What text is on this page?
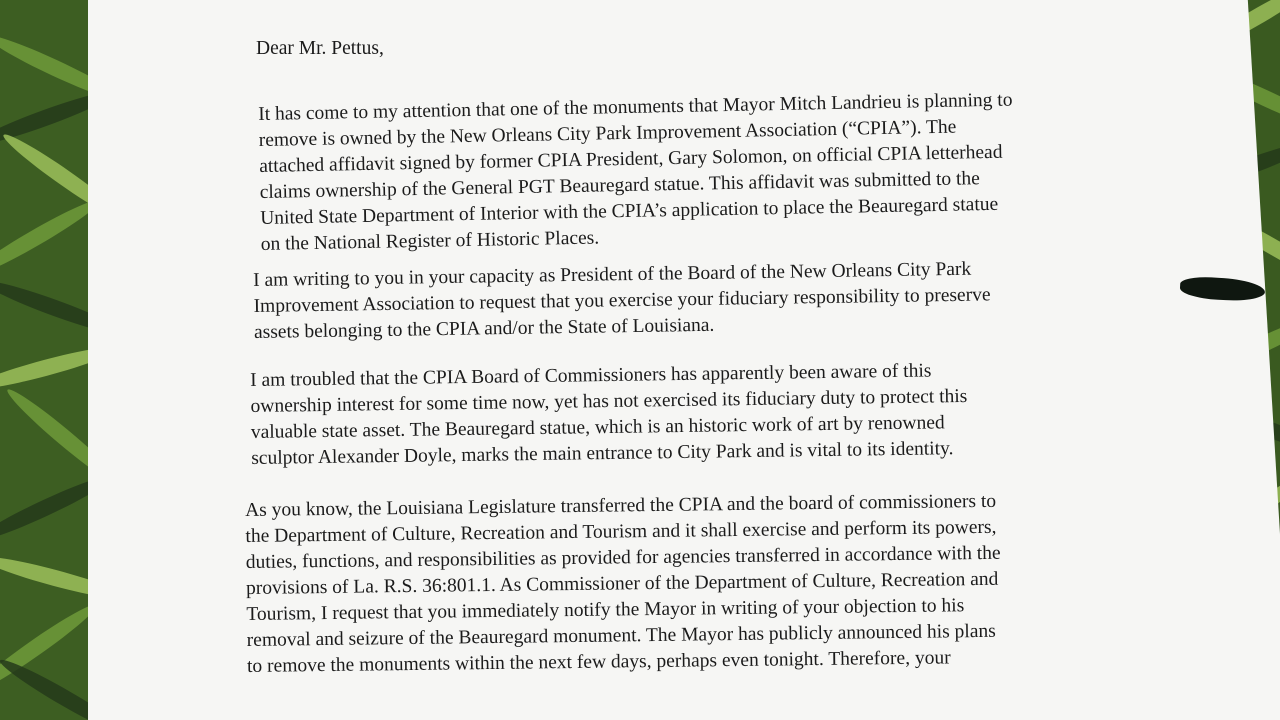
Dear Mr. Pettus,

It has come to my attention that one of the monuments that Mayor Mitch Landrieu is planning to
remove is owned by the New Orleans City Park Improvement Association (“CPIA”). The
attached affidavit signed by former CPIA President, Gary Solomon, on official CPIA letterhead
claims ownership of the General PGT Beauregard statue. This affidavit was submitted to the
United State Department of Interior with the CPIA’s application to place the Beauregard statue
on the National Register of Historic Places.

I am writing to you in your capacity as President of the Board of the New Orleans City Park
Improvement Association to request that you exercise your fiduciary responsibility to preserve
assets belonging to the CPIA and/or the State of Louisiana.

I am troubled that the CPIA Board of Commissioners has apparently been aware of this
ownership interest for some time now, yet has not exercised its fiduciary duty to protect this
valuable state asset. The Beauregard statue, which is an historic work of art by renowned
sculptor Alexander Doyle, marks the main entrance to City Park and is vital to its identity.

As you know, the Louisiana Legislature transferred the CPIA and the board of commissioners to
the Department of Culture, Recreation and Tourism and it shall exercise and perform its powers,
duties, functions, and responsibilities as provided for agencies transferred in accordance with the
provisions of La. R.S. 36:801.1. As Commissioner of the Department of Culture, Recreation and
Tourism, I request that you immediately notify the Mayor in writing of your objection to his
removal and seizure of the Beauregard monument. The Mayor has publicly announced his plans
to remove the monuments within the next few days, perhaps even tonight. Therefore, your
